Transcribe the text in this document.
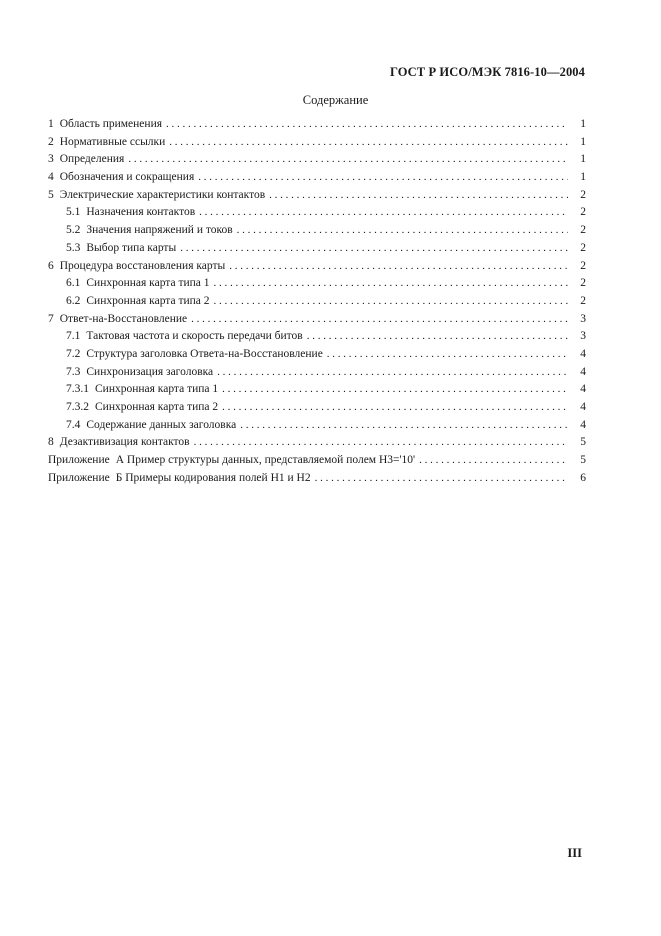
ГОСТ Р ИСО/МЭК 7816-10—2004
Содержание
1 Область применения . . .	1
2 Нормативные ссылки . . .	1
3 Определения . . .	1
4 Обозначения и сокращения . . .	1
5 Электрические характеристики контактов . . .	2
5.1 Назначения контактов . . .	2
5.2 Значения напряжений и токов . . .	2
5.3 Выбор типа карты . . .	2
6 Процедура восстановления карты . . .	2
6.1 Синхронная карта типа 1 . . .	2
6.2 Синхронная карта типа 2 . . .	2
7 Ответ-на-Восстановление . . .	3
7.1 Тактовая частота и скорость передачи битов . . .	3
7.2 Структура заголовка Ответа-на-Восстановление . . .	4
7.3 Синхронизация заголовка . . .	4
7.3.1 Синхронная карта типа 1 . . .	4
7.3.2 Синхронная карта типа 2 . . .	4
7.4 Содержание данных заголовка . . .	4
8 Дезактивизация контактов . . .	5
Приложение А Пример структуры данных, представляемой полем Н3='10' . . .	5
Приложение Б Примеры кодирования полей Н1 и Н2 . . .	6
III
